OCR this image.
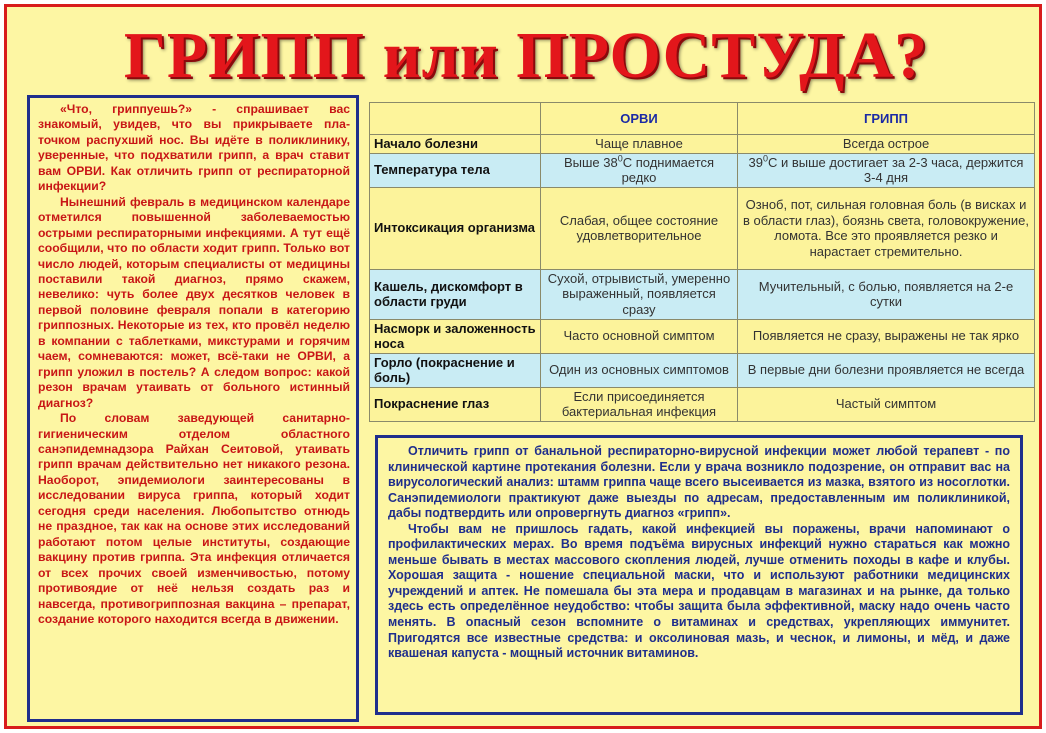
ГРИПП или ПРОСТУДА?

«Что, гриппуешь?» - спрашивает вас знакомый, увидев, что вы прикрываете пла-точком распухший нос. Вы идёте в поликлинику, уверенные, что подхватили грипп, а врач ставит вам ОРВИ. Как отличить грипп от респираторной инфекции?

Нынешний февраль в медицинском календаре отметился повышенной заболеваемостью острыми респираторными инфекциями. А тут ещё сообщили, что по области ходит грипп. Только вот число людей, которым специалисты от медицины поставили такой диагноз, прямо скажем, невелико: чуть более двух десятков человек в первой половине февраля попали в категорию гриппозных. Некоторые из тех, кто провёл неделю в компании с таблетками, микстурами и горячим чаем, сомневаются: может, всё-таки не ОРВИ, а грипп уложил в постель? А следом вопрос: какой резон врачам утаивать от больного истинный диагноз?

По словам заведующей санитарно-гигиеническим отделом областного санэпидемнадзора Райхан Сеитовой, утаивать грипп врачам действительно нет никакого резона. Наоборот, эпидемиологи заинтересованы в исследовании вируса гриппа, который ходит сегодня среди населения. Любопытство отнюдь не праздное, так как на основе этих исследований работают потом целые институты, создающие вакцину против гриппа. Эта инфекция отличается от всех прочих своей изменчивостью, потому противоядие от неё нельзя создать раз и навсегда, противогриппозная вакцина – препарат, создание которого находится всегда в движении.

	ОРВИ	ГРИПП
Начало болезни	Чаще плавное	Всегда острое
Температура тела	Выше $38^0С$ поднимается редко	$39^0С$ и выше достигает за 2-3 часа, держится 3-4 дня
Интоксикация организма	Слабая, общее состояние удовлетворительное	Озноб, пот, сильная головная боль (в висках и в области глаз), боязнь света, головокружение, ломота. Все это проявляется резко и нарастает стремительно.
Кашель, дискомфорт в области груди	Сухой, отрывистый, умеренно выраженный, появляется сразу	Мучительный, с болью, появляется на 2-е сутки
Насморк и заложенность носа	Часто основной симптом	Появляется не сразу, выражены не так ярко
Горло (покраснение и боль)	Один из основных симптомов	В первые дни болезни проявляется не всегда
Покраснение глаз	Если присоединяется бактериальная инфекция	Частый симптом

Отличить грипп от банальной респираторно-вирусной инфекции может любой терапевт - по клинической картине протекания болезни. Если у врача возникло подозрение, он отправит вас на вирусологический анализ: штамм гриппа чаще всего высеивается из мазка, взятого из носоглотки. Санэпидемиологи практикуют даже выезды по адресам, предоставленным им поликлиникой, дабы подтвердить или опровергнуть диагноз «грипп».

Чтобы вам не пришлось гадать, какой инфекцией вы поражены, врачи напоминают о профилактических мерах. Во время подъёма вирусных инфекций нужно стараться как можно меньше бывать в местах массового скопления людей, лучше отменить походы в кафе и клубы. Хорошая защита - ношение специальной маски, что и используют работники медицинских учреждений и аптек. Не помешала бы эта мера и продавцам в магазинах и на рынке, да только здесь есть определённое неудобство: чтобы защита была эффективной, маску надо очень часто менять. В опасный сезон вспомните о витаминах и средствах, укрепляющих иммунитет. Пригодятся все известные средства: и оксолиновая мазь, и чеснок, и лимоны, и мёд, и даже квашеная капуста - мощный источник витаминов.
